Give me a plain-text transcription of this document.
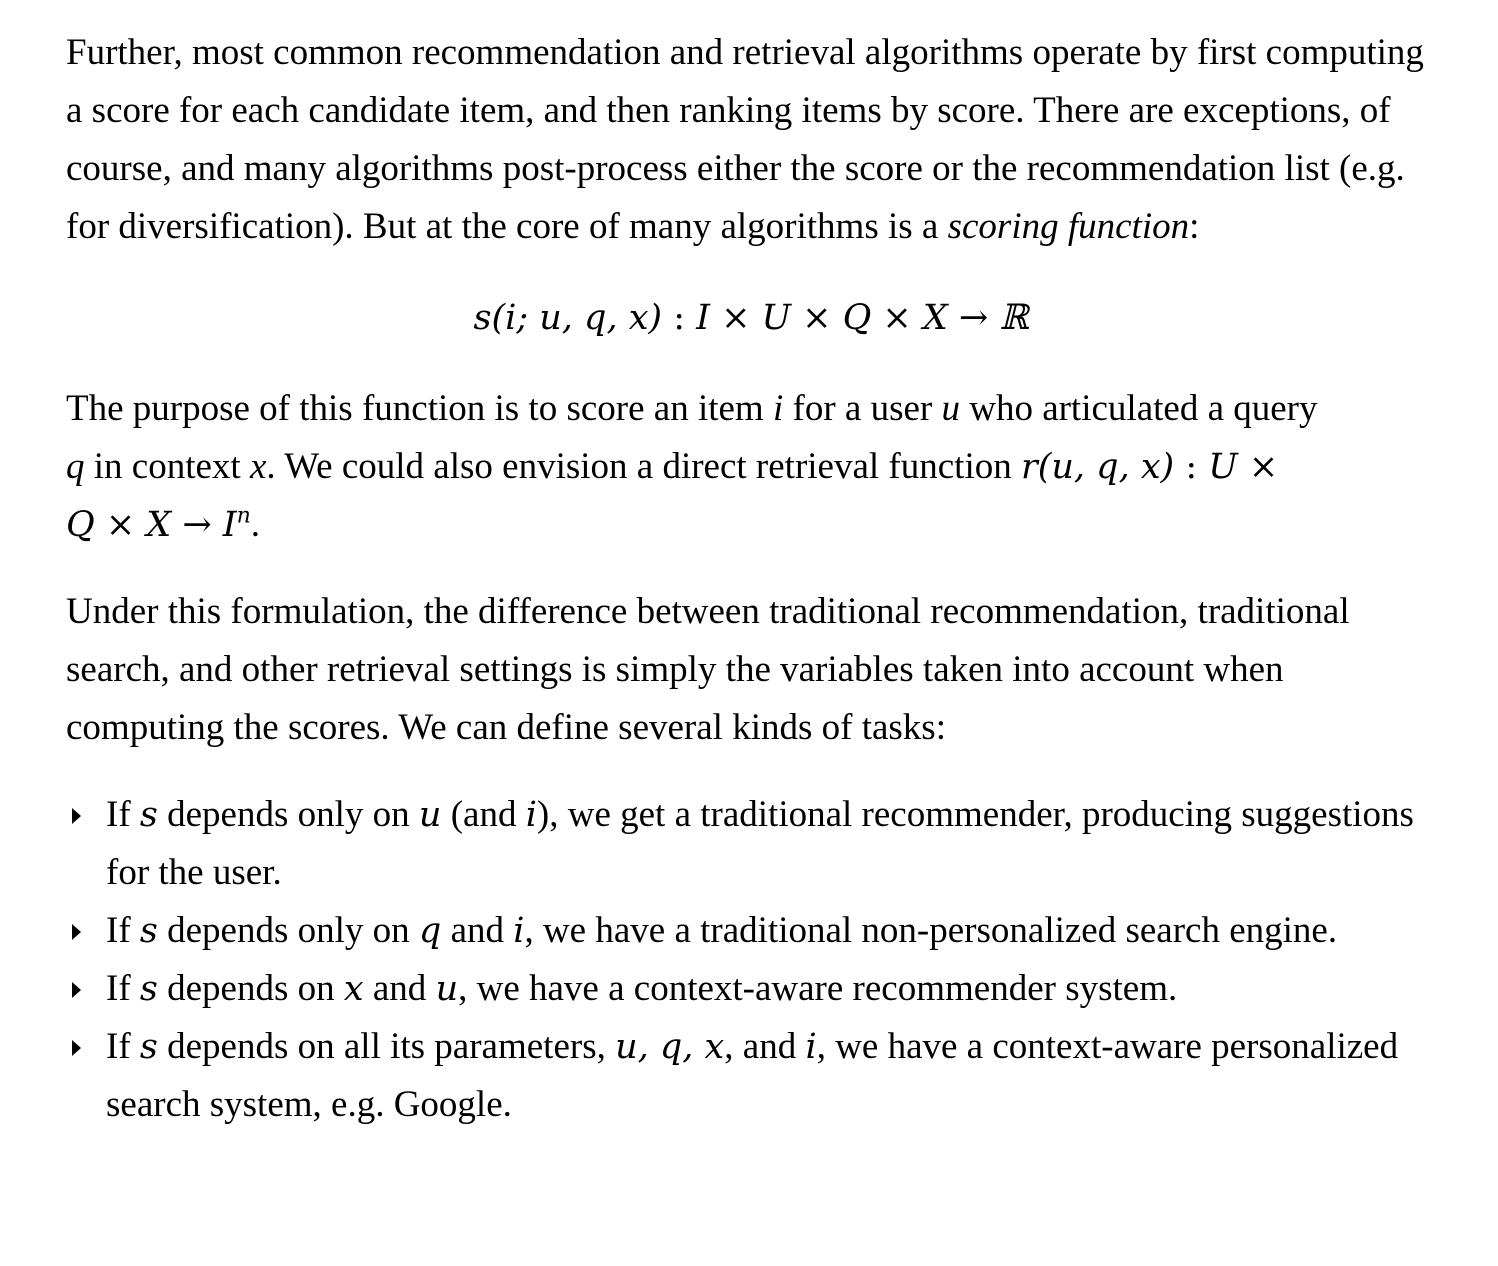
Further, most common recommendation and retrieval algorithms operate by first computing a score for each candidate item, and then ranking items by score. There are exceptions, of course, and many algorithms post-process either the score or the recommendation list (e.g. for diversification). But at the core of many algorithms is a scoring function:

s(i; u, q, x) : I × U × Q × X → ℝ

The purpose of this function is to score an item i for a user u who articulated a query
q in context x. We could also envision a direct retrieval function r(u, q, x) : U ×
$Q \times X \to I^n$.

Under this formulation, the difference between traditional recommendation, traditional search, and other retrieval settings is simply the variables taken into account when computing the scores. We can define several kinds of tasks:

If s depends only on u (and i), we get a traditional recommender, producing suggestions for the user.
If s depends only on q and i, we have a traditional non-personalized search engine.
If s depends on x and u, we have a context-aware recommender system.
If s depends on all its parameters, u, q, x, and i, we have a context-aware personalized search system, e.g. Google.
